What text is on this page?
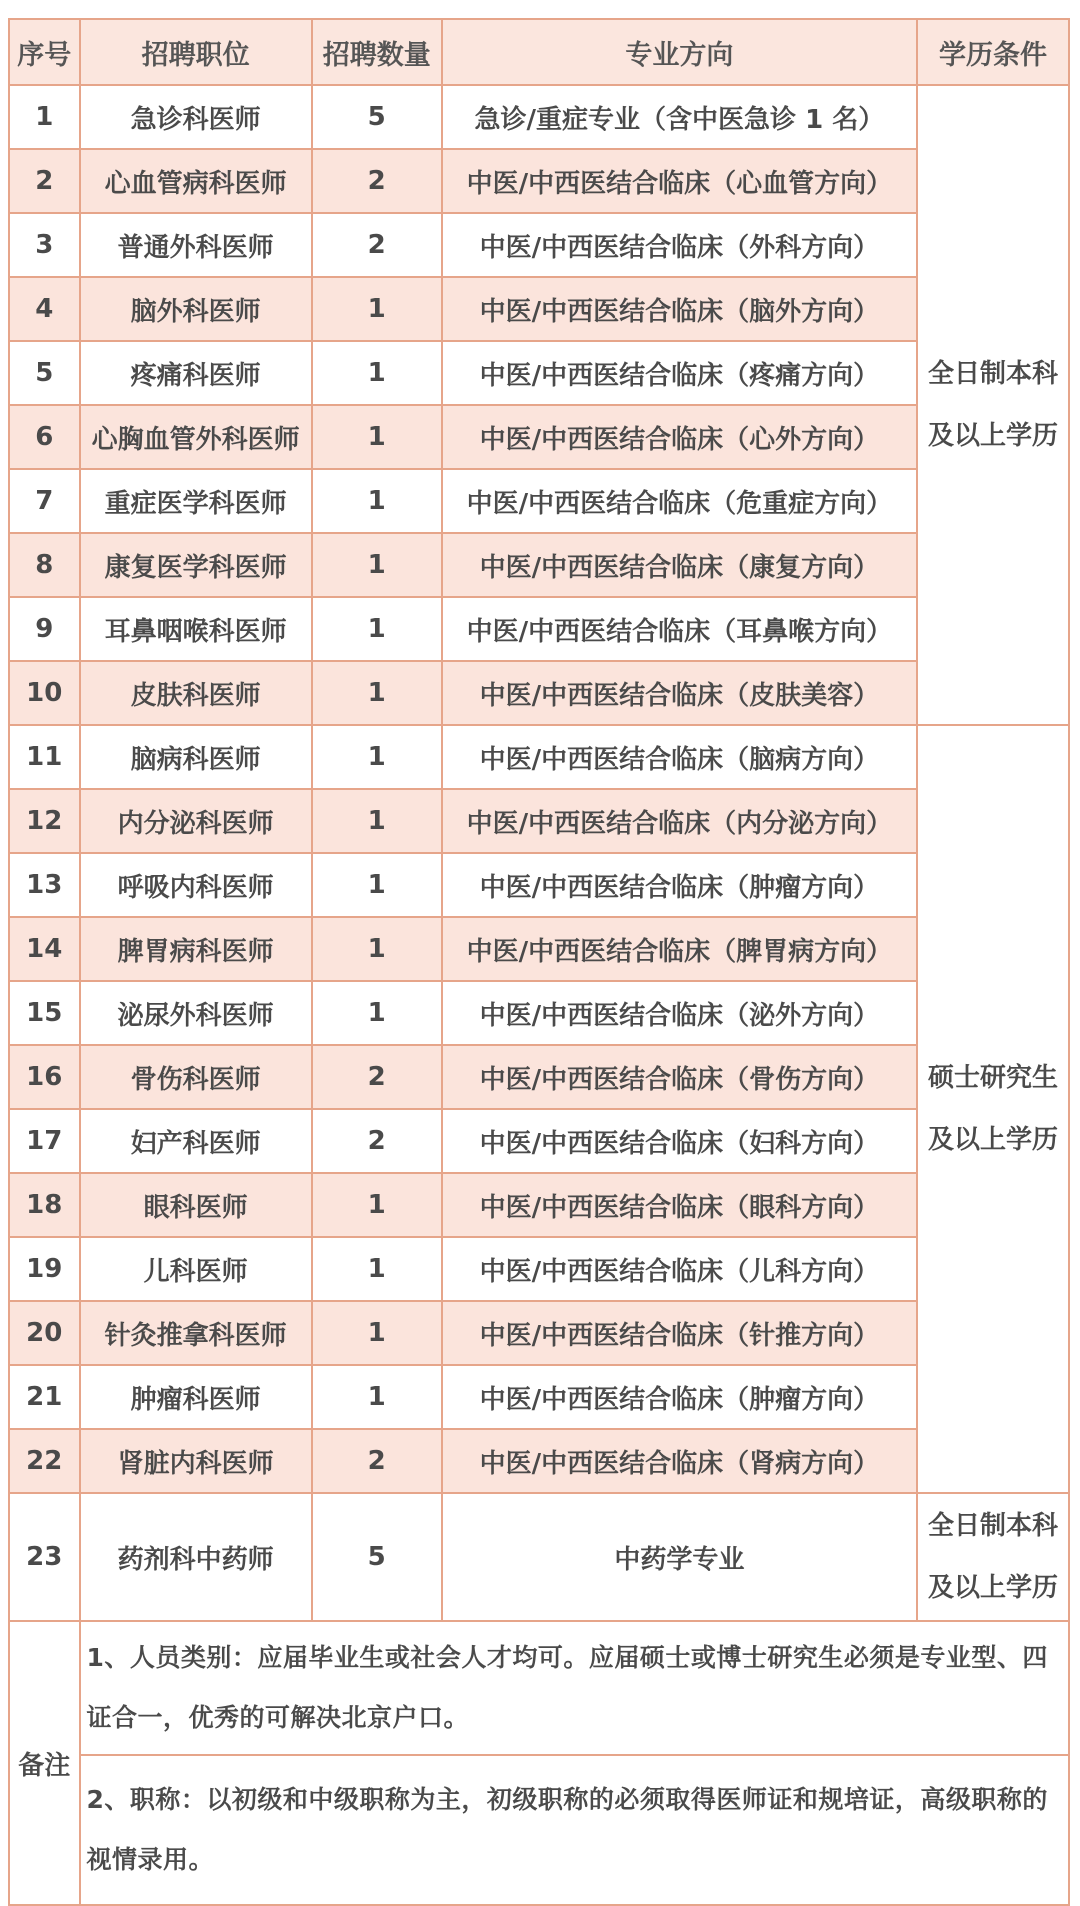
序号	招聘职位	招聘数量	专业方向	学历条件
1	急诊科医师	5	急诊/重症专业（含中医急诊 1 名）	全日制本科
及以上学历

2	心血管病科医师	2	中医/中西医结合临床（心血管方向）	
3	普通外科医师	2	中医/中西医结合临床（外科方向）	
4	脑外科医师	1	中医/中西医结合临床（脑外方向）	
5	疼痛科医师	1	中医/中西医结合临床（疼痛方向）	
6	心胸血管外科医师	1	中医/中西医结合临床（心外方向）	
7	重症医学科医师	1	中医/中西医结合临床（危重症方向）	
8	康复医学科医师	1	中医/中西医结合临床（康复方向）	
9	耳鼻咽喉科医师	1	中医/中西医结合临床（耳鼻喉方向）	
10	皮肤科医师	1	中医/中西医结合临床（皮肤美容）	
11	脑病科医师	1	中医/中西医结合临床（脑病方向）	硕士研究生
及以上学历

12	内分泌科医师	1	中医/中西医结合临床（内分泌方向）	
13	呼吸内科医师	1	中医/中西医结合临床（肿瘤方向）	
14	脾胃病科医师	1	中医/中西医结合临床（脾胃病方向）	
15	泌尿外科医师	1	中医/中西医结合临床（泌外方向）	
16	骨伤科医师	2	中医/中西医结合临床（骨伤方向）	
17	妇产科医师	2	中医/中西医结合临床（妇科方向）	
18	眼科医师	1	中医/中西医结合临床（眼科方向）	
19	儿科医师	1	中医/中西医结合临床（儿科方向）	
20	针灸推拿科医师	1	中医/中西医结合临床（针推方向）	
21	肿瘤科医师	1	中医/中西医结合临床（肿瘤方向）	
22	肾脏内科医师	2	中医/中西医结合临床（肾病方向）	
23	药剂科中药师	5	中药学专业	全日制本科
及以上学历

备注	1、人员类别：应届毕业生或社会人才均可。应届硕士或博士研究生必须是专业型、四证合一，优秀的可解决北京户口。			
	2、职称：以初级和中级职称为主，初级职称的必须取得医师证和规培证，高级职称的视情录用。			
